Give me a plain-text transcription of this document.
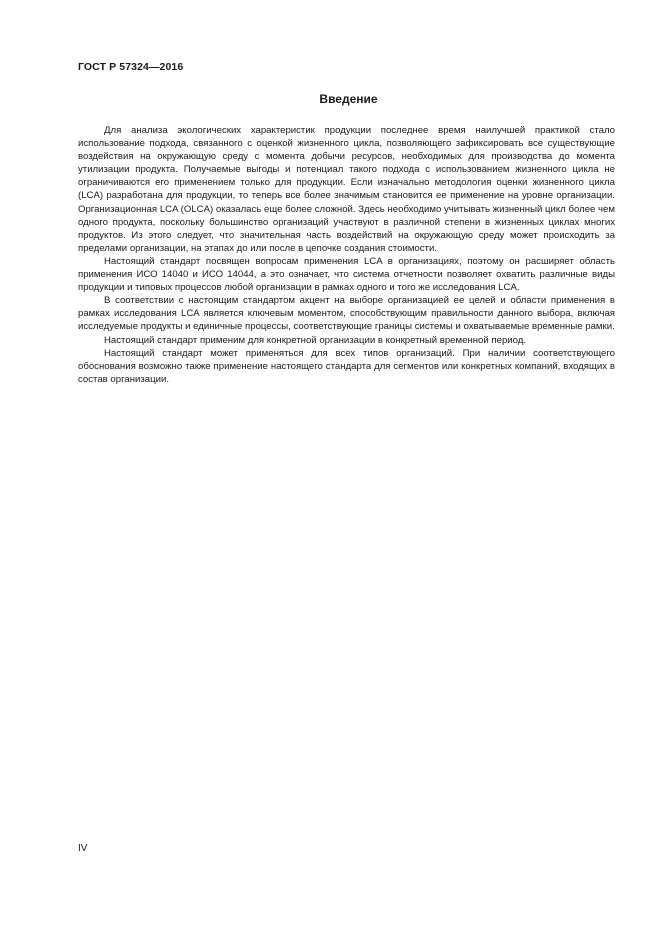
ГОСТ Р 57324—2016
Введение

Для анализа экологических характеристик продукции последнее время наилучшей практикой стало использование подхода, связанного с оценкой жизненного цикла, позволяющего зафиксировать все существующие воздействия на окружающую среду с момента добычи ресурсов, необходимых для производства до момента утилизации продукта. Получаемые выгоды и потенциал такого подхода с использованием жизненного цикла не ограничиваются его применением только для продукции. Если изначально методология оценки жизненного цикла (LCA) разработана для продукции, то теперь все более значимым становится ее применение на уровне организации. Организационная LCA (OLCA) оказалась еще более сложной. Здесь необходимо учитывать жизненный цикл более чем одного продукта, поскольку большинство организаций участвуют в различной степени в жизненных циклах многих продуктов. Из этого следует, что значительная часть воздействий на окружающую среду может происходить за пределами организации, на этапах до или после в цепочке создания стоимости.

Настоящий стандарт посвящен вопросам применения LCA в организациях, поэтому он расширяет область применения ИСО 14040 и ИСО 14044, а это означает, что система отчетности позволяет охватить различные виды продукции и типовых процессов любой организации в рамках одного и того же исследования LCA.

В соответствии с настоящим стандартом акцент на выборе организацией ее целей и области применения в рамках исследования LCA является ключевым моментом, способствующим правильности данного выбора, включая исследуемые продукты и единичные процессы, соответствующие границы системы и охватываемые временные рамки.

Настоящий стандарт применим для конкретной организации в конкретный временной период.

Настоящий стандарт может применяться для всех типов организаций. При наличии соответствующего обоснования возможно также применение настоящего стандарта для сегментов или конкретных компаний, входящих в состав организации.

IV
